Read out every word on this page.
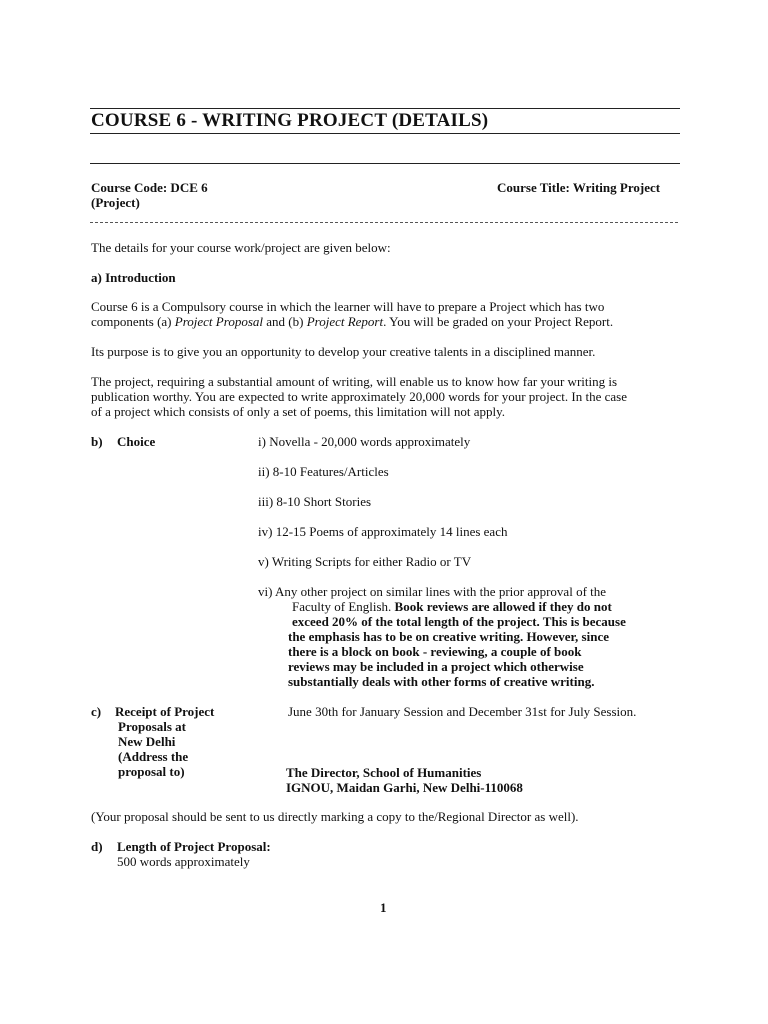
COURSE 6 - WRITING PROJECT (DETAILS)
Course Code: DCE 6	Course Title: Writing Project
(Project)
The details for your course work/project are given below:
a) Introduction
Course 6 is a Compulsory course in which the learner will have to prepare a Project which has two
components (a) Project Proposal and (b) Project Report. You will be graded on your Project Report.
Its purpose is to give you an opportunity to develop your creative talents in a disciplined manner.
The project, requiring a substantial amount of writing, will enable us to know how far your writing is
publication worthy. You are expected to write approximately 20,000 words for your project. In the case
of a project which consists of only a set of poems, this limitation will not apply.
b) Choice	i) Novella - 20,000 words approximately
ii) 8-10 Features/Articles
iii) 8-10 Short Stories
iv) 12-15 Poems of approximately 14 lines each
v) Writing Scripts for either Radio or TV
vi) Any other project on similar lines with the prior approval of the
Faculty of English. Book reviews are allowed if they do not
exceed 20% of the total length of the project. This is because
the emphasis has to be on creative writing. However, since
there is a block on book - reviewing, a couple of book
reviews may be included in a project which otherwise
substantially deals with other forms of creative writing.
c) Receipt of Project
Proposals at
New Delhi
(Address the
proposal to)
June 30th for January Session and December 31st for July Session.
The Director, School of Humanities
IGNOU, Maidan Garhi, New Delhi-110068
(Your proposal should be sent to us directly marking a copy to the/Regional Director as well).
d) Length of Project Proposal:
500 words approximately
1
